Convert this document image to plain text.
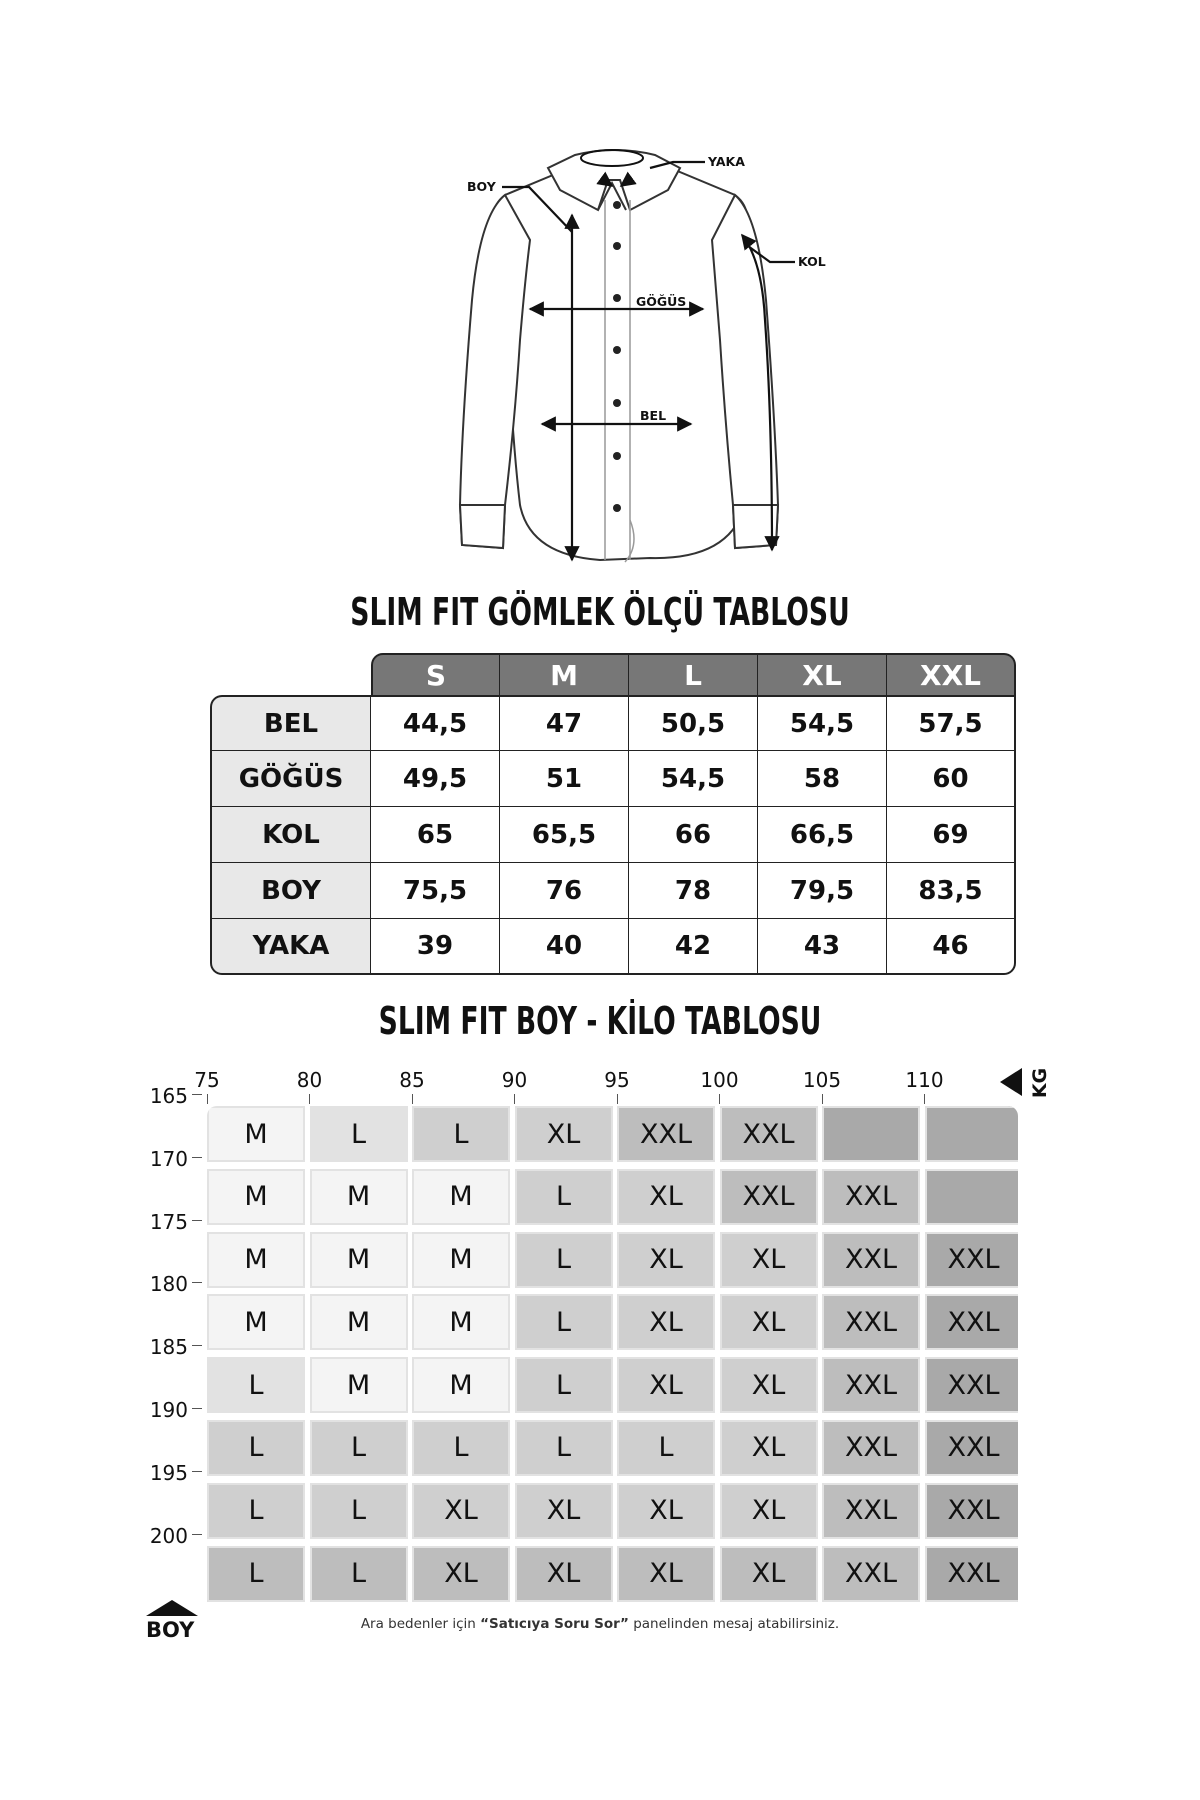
BOY
YAKA
KOL
GÖĞÜS
BEL
SLIM FIT GÖMLEK ÖLÇÜ TABLOSU
	S	M	L	XL	XXL
BEL	44,5	47	50,5	54,5	57,5
GÖĞÜS	49,5	51	54,5	58	60
KOL	65	65,5	66	66,5	69
BOY	75,5	76	78	79,5	83,5
YAKA	39	40	42	43	46
SLIM FIT BOY - KİLO TABLOSU
75	80	85	90	95	100	105	110
165
170
175
180
185
190
195
200
KG
BOY
M	L	L	XL	XXL	XXL
M	M	M	L	XL	XXL	XXL
M	M	M	L	XL	XL	XXL	XXL
M	M	M	L	XL	XL	XXL	XXL
L	M	M	L	XL	XL	XXL	XXL
L	L	L	L	L	XL	XXL	XXL
L	L	XL	XL	XL	XL	XXL	XXL
L	L	XL	XL	XL	XL	XXL	XXL
Ara bedenler için “Satıcıya Soru Sor” panelinden mesaj atabilirsiniz.
